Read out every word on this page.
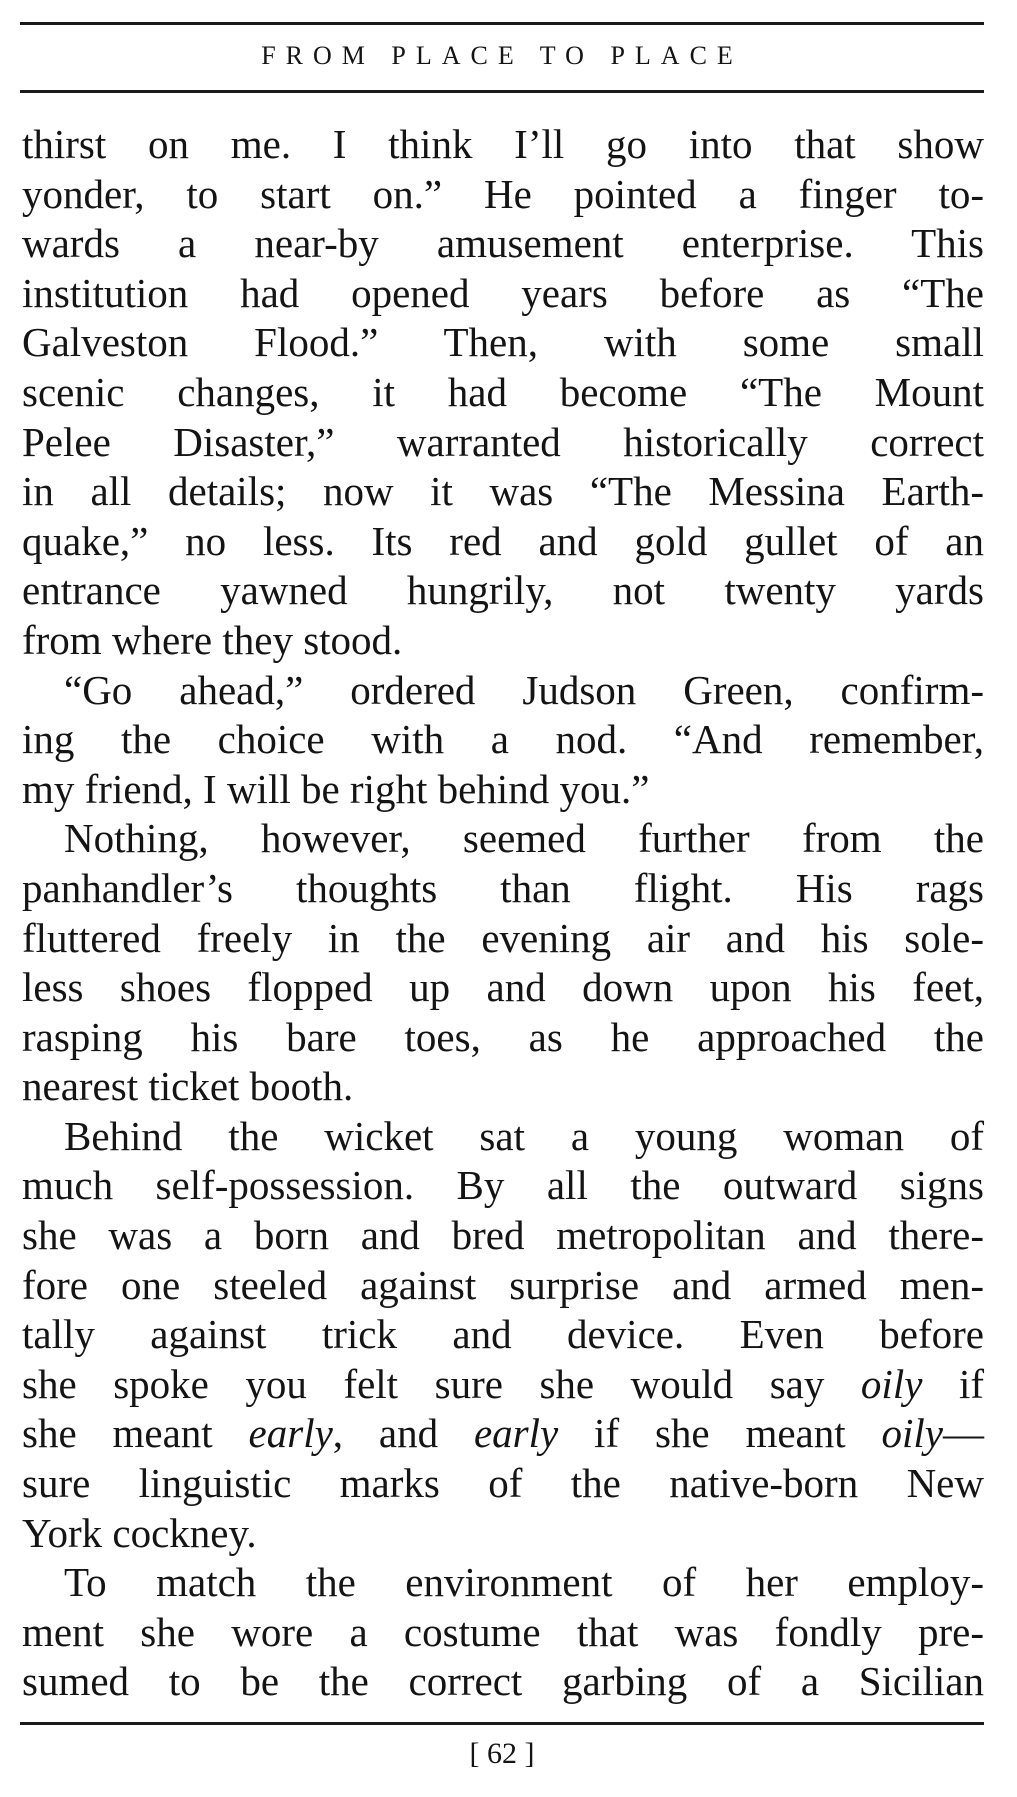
FROM PLACE TO PLACE
thirst on me. I think I’ll go into that show
yonder, to start on.” He pointed a finger to-
wards a near-by amusement enterprise. This
institution had opened years before as “The
Galveston Flood.” Then, with some small
scenic changes, it had become “The Mount
Pelee Disaster,” warranted historically correct
in all details; now it was “The Messina Earth-
quake,” no less. Its red and gold gullet of an
entrance yawned hungrily, not twenty yards
from where they stood.
“Go ahead,” ordered Judson Green, confirm-
ing the choice with a nod. “And remember,
my friend, I will be right behind you.”
Nothing, however, seemed further from the
panhandler’s thoughts than flight. His rags
fluttered freely in the evening air and his sole-
less shoes flopped up and down upon his feet,
rasping his bare toes, as he approached the
nearest ticket booth.
Behind the wicket sat a young woman of
much self-possession. By all the outward signs
she was a born and bred metropolitan and there-
fore one steeled against surprise and armed men-
tally against trick and device. Even before
she spoke you felt sure she would say oily if
she meant early, and early if she meant oily—
sure linguistic marks of the native-born New
York cockney.
To match the environment of her employ-
ment she wore a costume that was fondly pre-
sumed to be the correct garbing of a Sicilian
[ 62 ]
